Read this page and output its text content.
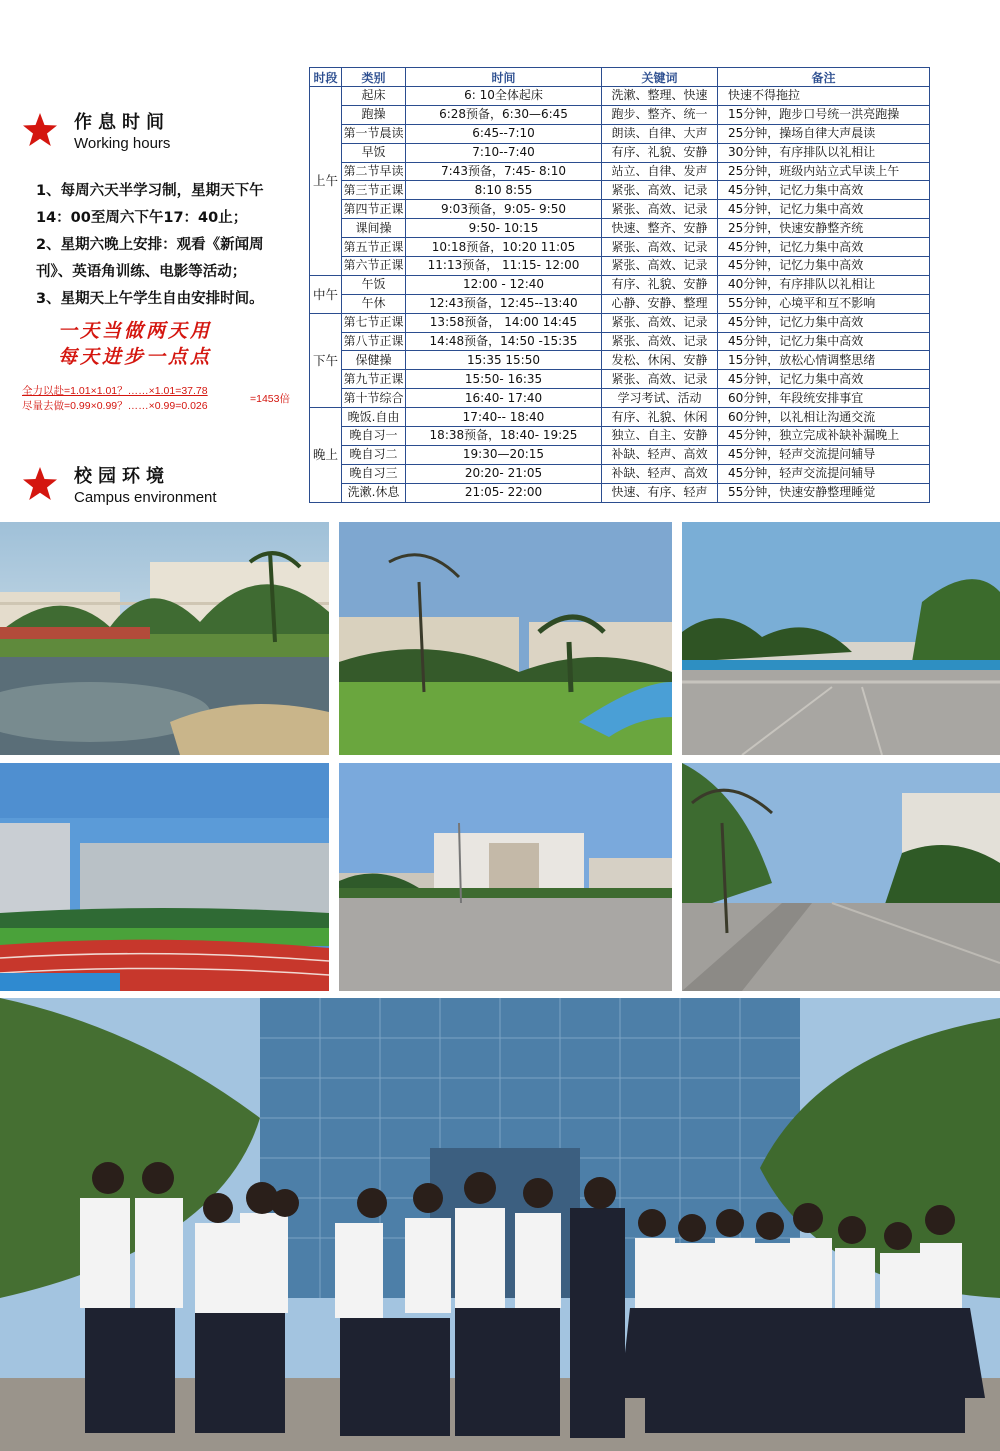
作息时间
Working hours
1、每周六天半学习制，星期天下午14：00至周六下午17：40止；
2、星期六晚上安排：观看《新闻周刊》、英语角训练、电影等活动；
3、星期天上午学生自由安排时间。
一天当做两天用
每天进步一点点
全力以赴=1.01×1.01？……×1.01=37.78
尽量去做=0.99×0.99？……×0.99=0.026
=1453倍
校园环境
Campus environment
时段	类别	时间	关键词	备注
上午	起床	6: 10全体起床	洗漱、整理、快速	快速不得拖拉
	跑操	6:28预备，6:30—6:45	跑步、整齐、统一	15分钟，跑步口号统一洪亮跑操
	第一节晨读	6:45--7:10	朗读、自律、大声	25分钟，操场自律大声晨读
	早饭	7:10--7:40	有序、礼貌、安静	30分钟，有序排队以礼相让
	第二节早读	7:43预备，7:45- 8:10	站立、自律、发声	25分钟，班级内站立式早读上午
	第三节正课	8:10 8:55	紧张、高效、记录	45分钟，记忆力集中高效
	第四节正课	9:03预备，9:05- 9:50	紧张、高效、记录	45分钟，记忆力集中高效
	课间操	9:50- 10:15	快速、整齐、安静	25分钟，快速安静整齐统
	第五节正课	10:18预备，10:20 11:05	紧张、高效、记录	45分钟，记忆力集中高效
	第六节正课	11:13预备， 11:15- 12:00	紧张、高效、记录	45分钟，记忆力集中高效
中午	午饭	12:00 - 12:40	有序、礼貌、安静	40分钟，有序排队以礼相让
	午休	12:43预备，12:45--13:40	心静、安静、整理	55分钟，心境平和互不影响
下午	第七节正课	13:58预备， 14:00 14:45	紧张、高效、记录	45分钟，记忆力集中高效
	第八节正课	14:48预备，14:50 -15:35	紧张、高效、记录	45分钟，记忆力集中高效
	保健操	15:35 15:50	发松、休闲、安静	15分钟，放松心情调整思绪
	第九节正课	15:50- 16:35	紧张、高效、记录	45分钟，记忆力集中高效
	第十节综合	16:40- 17:40	学习考试、活动	60分钟，年段统安排事宜
晚上	晚饭.自由	17:40-- 18:40	有序、礼貌、休闲	60分钟，以礼相让沟通交流
	晚自习一	18:38预备，18:40- 19:25	独立、自主、安静	45分钟，独立完成补缺补漏晚上
	晚自习二	19:30—20:15	补缺、轻声、高效	45分钟，轻声交流提问辅导
	晚自习三	20:20- 21:05	补缺、轻声、高效	45分钟，轻声交流提问辅导
	洗漱.休息	21:05- 22:00	快速、有序、轻声	55分钟，快速安静整理睡觉
